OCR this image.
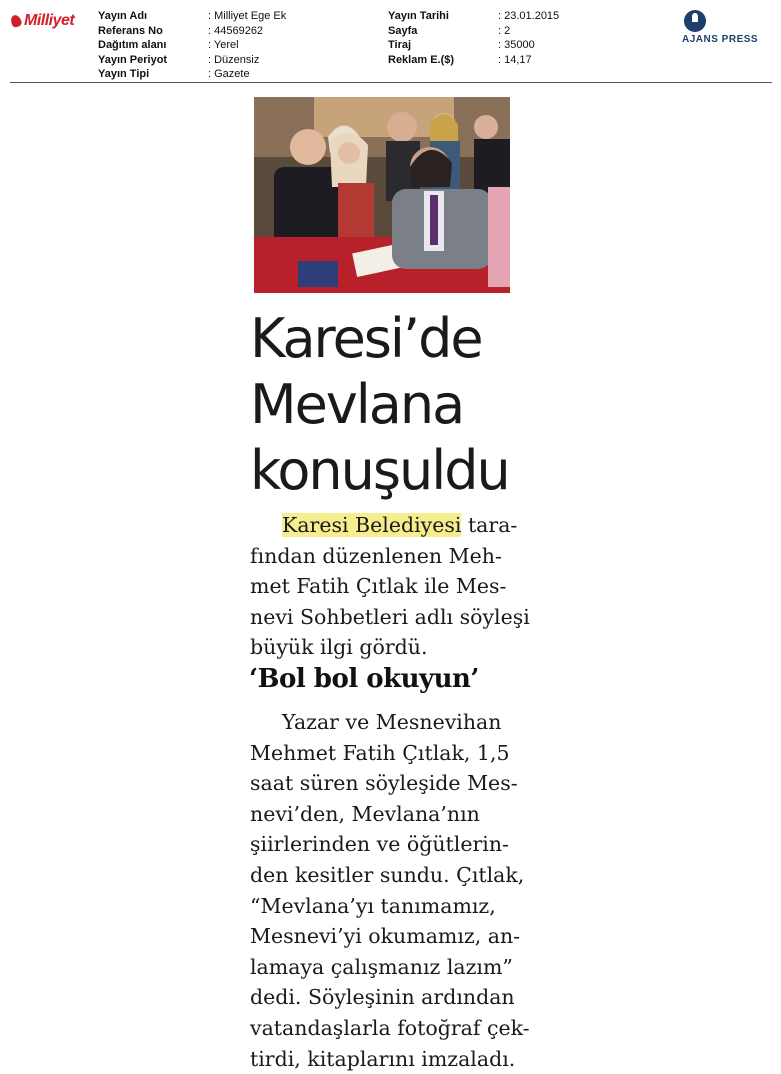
Milliyet Yayın Adı	: Milliyet Ege Ek
Referans No	: 44569262
Dağıtım alanı	: Yerel
Yayın Periyot	: Düzensiz
Yayın Tipi	: Gazete
Yayın Tarihi	: 23.01.2015
Sayfa	: 2
Tiraj	: 35000
Reklam E.($)	: 14,17
AJANS PRESS
Karesi’de
Mevlana
konuşuldu
Karesi Belediyesi tara-
fından düzenlenen Meh-
met Fatih Çıtlak ile Mes-
nevi Sohbetleri adlı söyleşi
büyük ilgi gördü.
‘Bol bol okuyun’
Yazar ve Mesnevihan
Mehmet Fatih Çıtlak, 1,5
saat süren söyleşide Mes-
nevi’den, Mevlana’nın
şiirlerinden ve öğütlerin-
den kesitler sundu. Çıtlak,
“Mevlana’yı tanımamız,
Mesnevi’yi okumamız, an-
lamaya çalışmanız lazım”
dedi. Söyleşinin ardından
vatandaşlarla fotoğraf çek-
tirdi, kitaplarını imzaladı.
